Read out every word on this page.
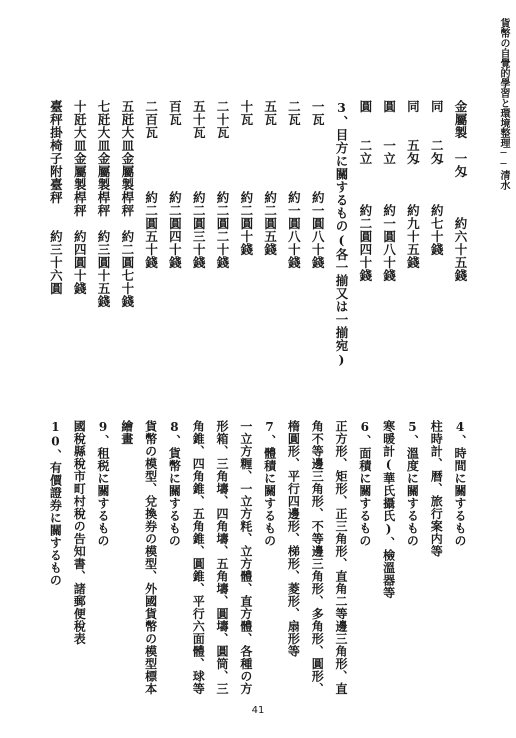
貨幣の自覺的學習と環境整理──清水
金屬製　一匁　　　約六十五錢
同　　二匁　　　約七十錢
同　　五匁　　　約九十五錢
圓　　一立　　　約一圓八十錢
圓　　二立　　　約二圓四十錢
3、目方に關するもの(各一揃又は一揃宛)
一瓦　　　　　約一圓八十錢
二瓦　　　　　約一圓八十錢
五瓦　　　　　約二圓五錢
十瓦　　　　　約二圓十錢
二十瓦　　　　約二圓二十錢
五十瓦　　　　約二圓三十錢
百瓦　　　　　約二圓四十錢
二百瓦　　　　約二圓五十錢
五瓩大皿金屬製桿秤　約二圓七十錢
七瓩大皿金屬製桿秤　約三圓十五錢
十瓩大皿金屬製桿秤　約四圓十錢
臺秤掛椅子附臺秤　　約三十六圓
4、時間に關するもの
柱時計、暦、旅行案内等
5、溫度に關するもの
寒暖計(華氏攝氏)、檢溫器等
6、面積に關するもの
正方形、矩形、正三角形、直角二等邊三角形、直
角不等邊三角形、不等邊三角形、多角形、圓形、
楕圓形、平行四邊形、梯形、菱形、扇形等
7、體積に關するもの
一立方糎、一立方粍、立方體、直方體、各種の方
形箱、三角壔、四角壔、五角壔、圓壔、圓筒、三
角錐、四角錐、五角錐、圓錐、平行六面體、球等
8、貨幣に關するもの
貨幣の模型、兌換券の模型、外國貨幣の模型標本
繪畫
9、租税に關するもの
國稅縣稅市町村稅の告知書、諸郵便稅表
10、有價證券に關するもの
41
